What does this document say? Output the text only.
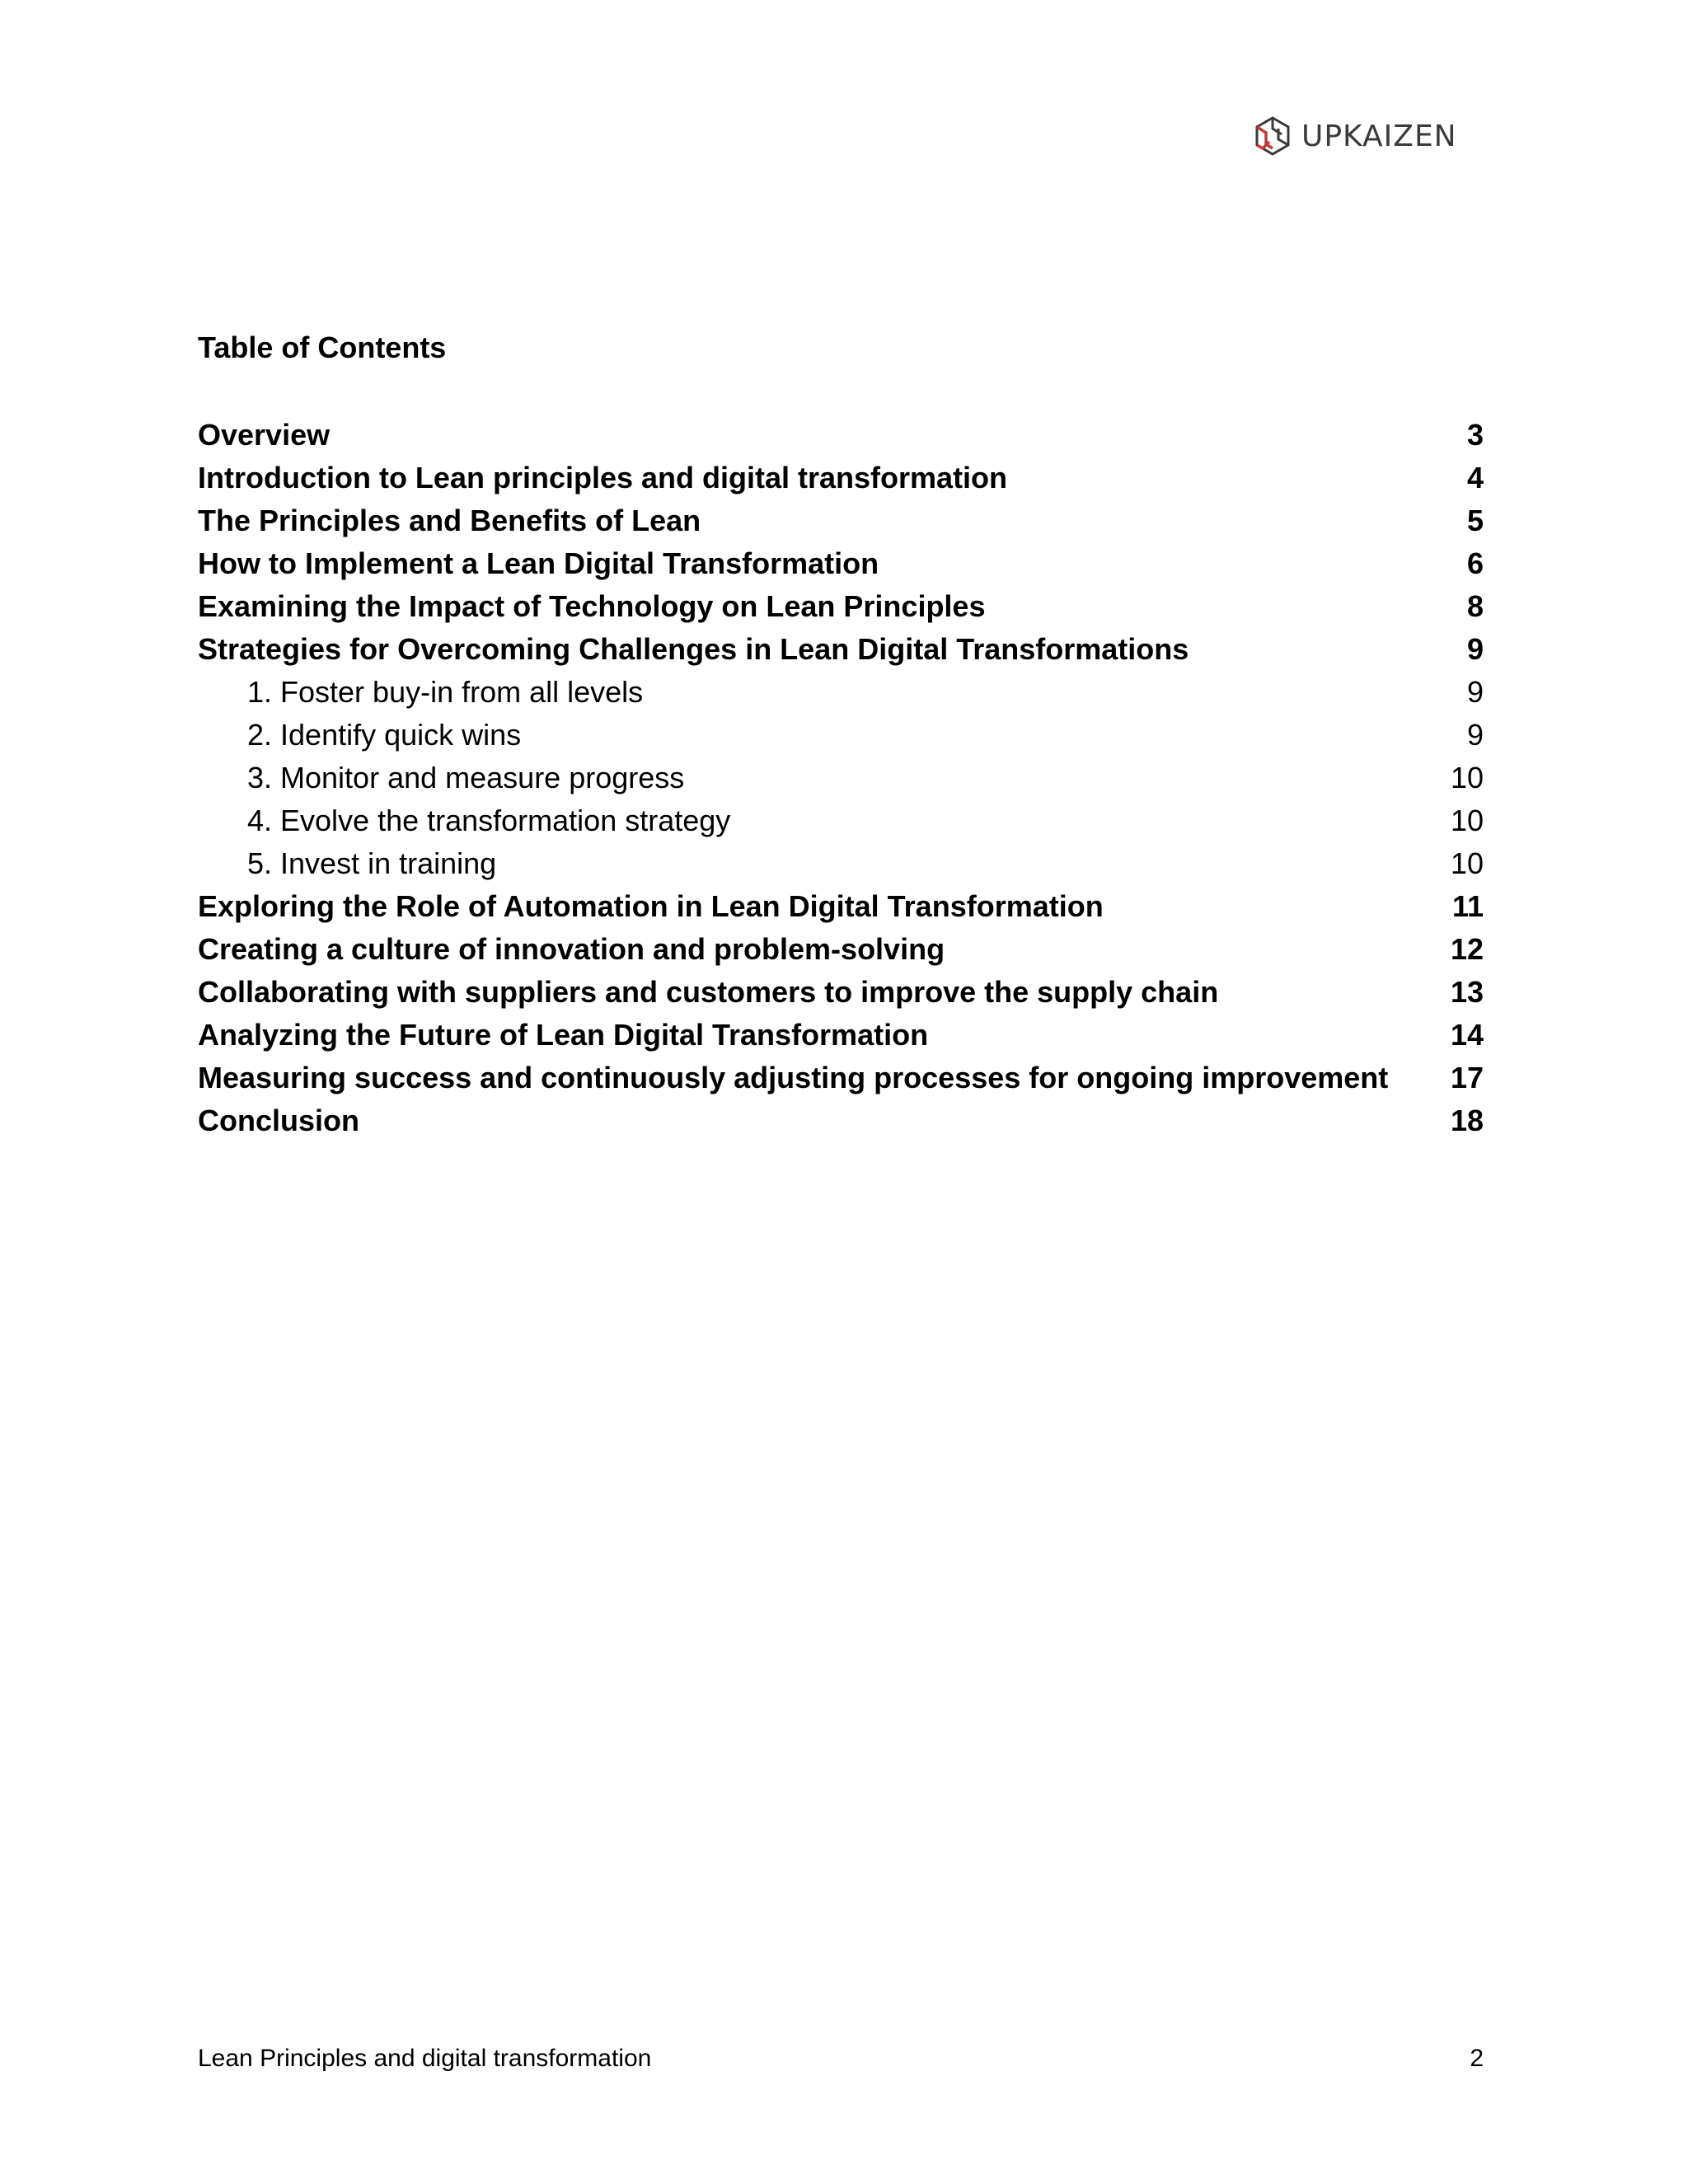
UPKAIZEN
Table of Contents
Overview	3
Introduction to Lean principles and digital transformation	4
The Principles and Benefits of Lean	5
How to Implement a Lean Digital Transformation	6
Examining the Impact of Technology on Lean Principles	8
Strategies for Overcoming Challenges in Lean Digital Transformations	9
1. Foster buy-in from all levels	9
2. Identify quick wins	9
3. Monitor and measure progress	10
4. Evolve the transformation strategy	10
5. Invest in training	10
Exploring the Role of Automation in Lean Digital Transformation	11
Creating a culture of innovation and problem-solving	12
Collaborating with suppliers and customers to improve the supply chain	13
Analyzing the Future of Lean Digital Transformation	14
Measuring success and continuously adjusting processes for ongoing improvement 17
Conclusion	18
Lean Principles and digital transformation	2
